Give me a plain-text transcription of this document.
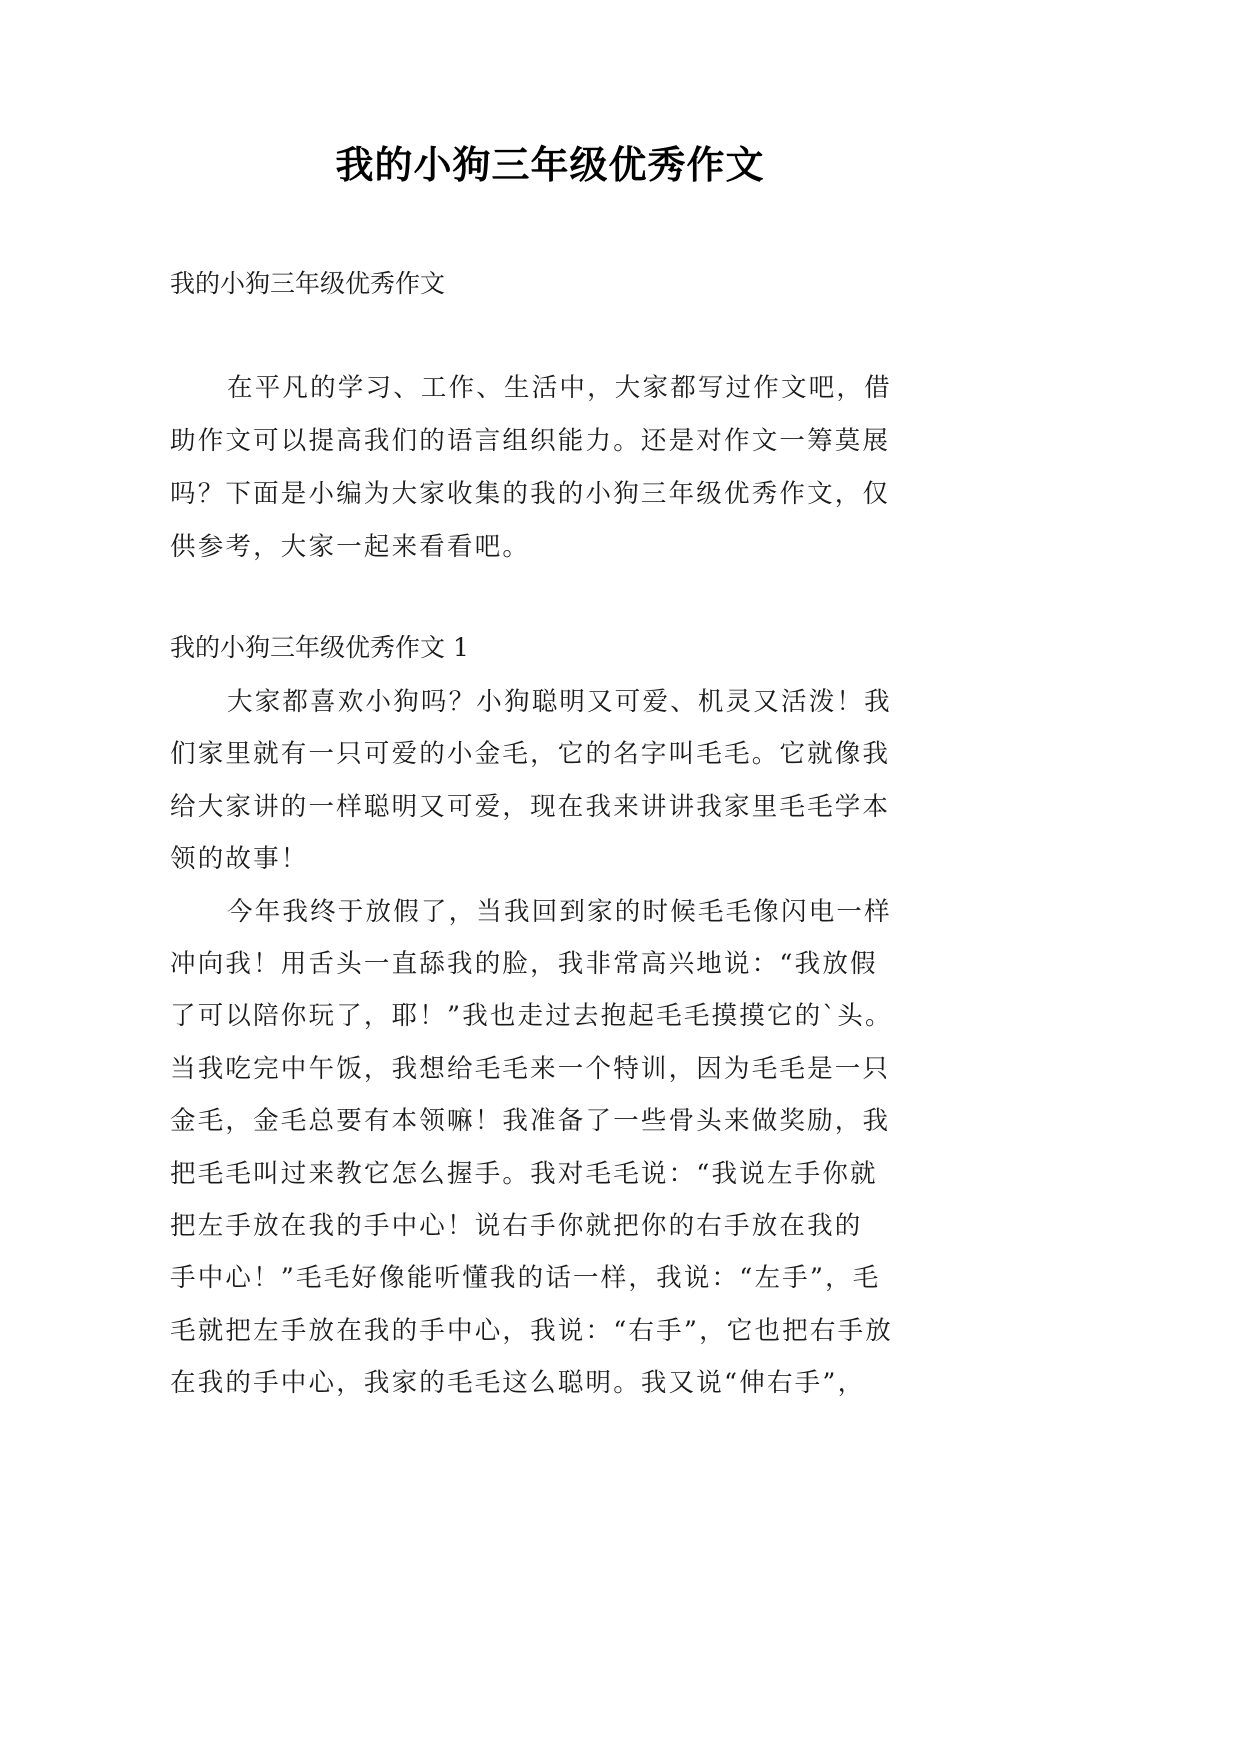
我的小狗三年级优秀作文
我的小狗三年级优秀作文
在平凡的学习、工作、生活中，大家都写过作文吧，借
助作文可以提高我们的语言组织能力。还是对作文一筹莫展
吗？下面是小编为大家收集的我的小狗三年级优秀作文，仅
供参考，大家一起来看看吧。
我的小狗三年级优秀作文 1
大家都喜欢小狗吗？小狗聪明又可爱、机灵又活泼！我
们家里就有一只可爱的小金毛，它的名字叫毛毛。它就像我
给大家讲的一样聪明又可爱，现在我来讲讲我家里毛毛学本
领的故事！
今年我终于放假了，当我回到家的时候毛毛像闪电一样
冲向我！用舌头一直舔我的脸，我非常高兴地说：“我放假
了可以陪你玩了，耶！”我也走过去抱起毛毛摸摸它的`头。
当我吃完中午饭，我想给毛毛来一个特训，因为毛毛是一只
金毛，金毛总要有本领嘛！我准备了一些骨头来做奖励，我
把毛毛叫过来教它怎么握手。我对毛毛说：“我说左手你就
把左手放在我的手中心！说右手你就把你的右手放在我的
手中心！”毛毛好像能听懂我的话一样，我说：“左手”，毛
毛就把左手放在我的手中心，我说：“右手”，它也把右手放
在我的手中心，我家的毛毛这么聪明。我又说“伸右手”，
